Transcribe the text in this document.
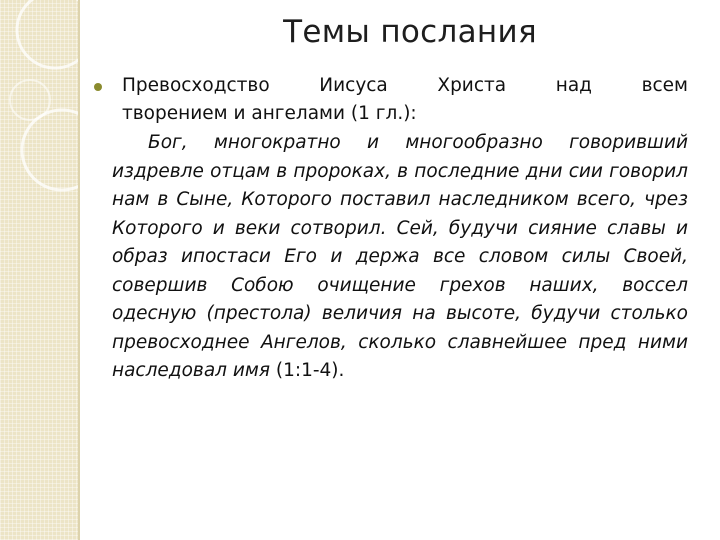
Темы послания

Превосходство Иисуса Христа над всем
творением и ангелами (1 гл.):

Бог, многократно и многообразно говоривший издревле отцам в пророках, в последние дни сии говорил нам в Сыне, Которого поставил наследником всего, чрез Которого и веки сотворил. Сей, будучи сияние славы и образ ипостаси Его и держа все словом силы Своей, совершив Собою очищение грехов наших, воссел одесную (престола) величия на высоте, будучи столько превосходнее Ангелов, сколько славнейшее пред ними наследовал имя (1:1-4).
